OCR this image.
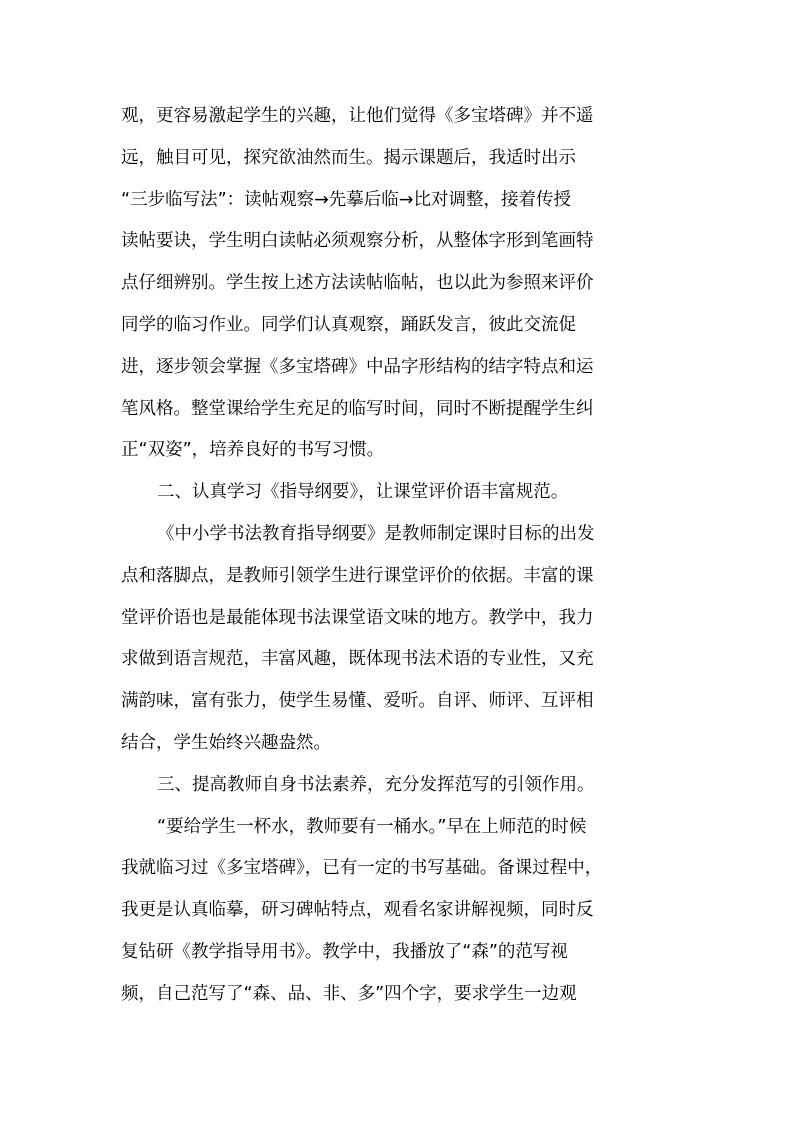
观，更容易激起学生的兴趣，让他们觉得《多宝塔碑》并不遥
远，触目可见，探究欲油然而生。揭示课题后，我适时出示
“三步临写法”：读帖观察→先摹后临→比对调整，接着传授
读帖要诀，学生明白读帖必须观察分析，从整体字形到笔画特
点仔细辨别。学生按上述方法读帖临帖，也以此为参照来评价
同学的临习作业。同学们认真观察，踊跃发言，彼此交流促
进，逐步领会掌握《多宝塔碑》中品字形结构的结字特点和运
笔风格。整堂课给学生充足的临写时间，同时不断提醒学生纠
正“双姿”，培养良好的书写习惯。
二、认真学习《指导纲要》，让课堂评价语丰富规范。
《中小学书法教育指导纲要》是教师制定课时目标的出发
点和落脚点，是教师引领学生进行课堂评价的依据。丰富的课
堂评价语也是最能体现书法课堂语文味的地方。教学中，我力
求做到语言规范，丰富风趣，既体现书法术语的专业性，又充
满韵味，富有张力，使学生易懂、爱听。自评、师评、互评相
结合，学生始终兴趣盎然。
三、提高教师自身书法素养，充分发挥范写的引领作用。
“要给学生一杯水，教师要有一桶水。”早在上师范的时候
我就临习过《多宝塔碑》，已有一定的书写基础。备课过程中，
我更是认真临摹，研习碑帖特点，观看名家讲解视频，同时反
复钻研《教学指导用书》。教学中，我播放了“森”的范写视
频，自己范写了“森、品、非、多”四个字，要求学生一边观
